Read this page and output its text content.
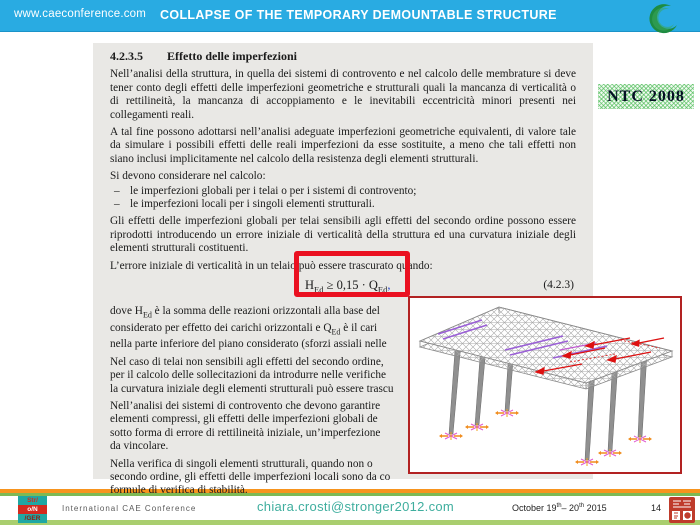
www.caeconference.com COLLAPSE OF THE TEMPORARY DEMOUNTABLE STRUCTURE
4.2.3.5 Effetto delle imperfezioni

Nell’analisi della struttura, in quella dei sistemi di controvento e nel calcolo delle membrature si deve tener conto degli effetti delle imperfezioni geometriche e strutturali quali la mancanza di verticalità o di rettilineità, la mancanza di accoppiamento e le inevitabili eccentricità minori presenti nei collegamenti reali.

A tal fine possono adottarsi nell’analisi adeguate imperfezioni geometriche equivalenti, di valore tale da simulare i possibili effetti delle reali imperfezioni da esse sostituite, a meno che tali effetti non siano inclusi implicitamente nel calcolo della resistenza degli elementi strutturali.

Si devono considerare nel calcolo:

– le imperfezioni globali per i telai o per i sistemi di controvento;
– le imperfezioni locali per i singoli elementi strutturali.

Gli effetti delle imperfezioni globali per telai sensibili agli effetti del secondo ordine possono essere riprodotti introducendo un errore iniziale di verticalità della struttura ed una curvatura iniziale degli elementi strutturali costituenti.

L’errore iniziale di verticalità in un telaio può essere trascurato quando:

$H_{Ed} \ge 0,15 \cdot Q_{Ed}$,	(4.2.3)
dove $H_{Ed}$ è la somma delle reazioni orizzontali alla base del
considerato per effetto dei carichi orizzontali e $Q_{Ed}$ è il cari
nella parte inferiore del piano considerato (sforzi assiali nelle
Nel caso di telai non sensibili agli effetti del secondo ordine,
per il calcolo delle sollecitazioni da introdurre nelle verifiche
la curvatura iniziale degli elementi strutturali può essere trascu
Nell’analisi dei sistemi di controvento che devono garantire
elementi compressi, gli effetti delle imperfezioni globali de
sotto forma di errore di rettilineità iniziale, un’imperfezione
da vincolare.
Nella verifica di singoli elementi strutturali, quando non o
secondo ordine, gli effetti delle imperfezioni locali sono da co
formule di verifica di stabilità.
NTC 2008
Str/
o/N
/GER
International CAE Conference	chiara.crosti@stronger2012.com	October 19th– 20th 2015	14
